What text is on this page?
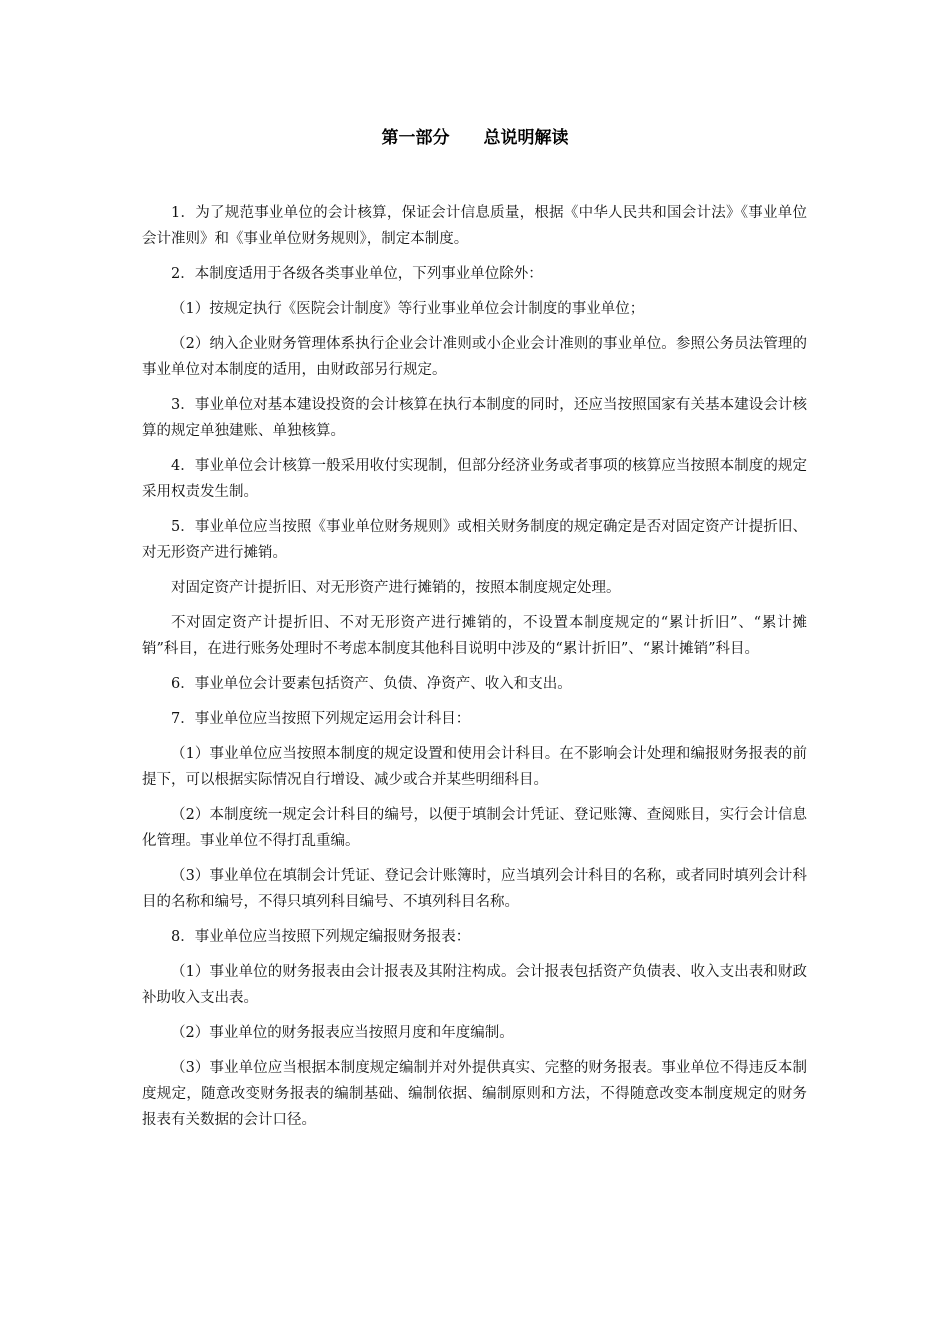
第一部分　　总说明解读

1．为了规范事业单位的会计核算，保证会计信息质量，根据《中华人民共和国会计法》《事业单位会计准则》和《事业单位财务规则》，制定本制度。

2．本制度适用于各级各类事业单位，下列事业单位除外：

（1）按规定执行《医院会计制度》等行业事业单位会计制度的事业单位；

（2）纳入企业财务管理体系执行企业会计准则或小企业会计准则的事业单位。参照公务员法管理的事业单位对本制度的适用，由财政部另行规定。

3．事业单位对基本建设投资的会计核算在执行本制度的同时，还应当按照国家有关基本建设会计核算的规定单独建账、单独核算。

4．事业单位会计核算一般采用收付实现制，但部分经济业务或者事项的核算应当按照本制度的规定采用权责发生制。

5．事业单位应当按照《事业单位财务规则》或相关财务制度的规定确定是否对固定资产计提折旧、对无形资产进行摊销。

对固定资产计提折旧、对无形资产进行摊销的，按照本制度规定处理。

不对固定资产计提折旧、不对无形资产进行摊销的，不设置本制度规定的“累计折旧”、“累计摊销”科目，在进行账务处理时不考虑本制度其他科目说明中涉及的“累计折旧”、“累计摊销”科目。

6．事业单位会计要素包括资产、负债、净资产、收入和支出。

7．事业单位应当按照下列规定运用会计科目：

（1）事业单位应当按照本制度的规定设置和使用会计科目。在不影响会计处理和编报财务报表的前提下，可以根据实际情况自行增设、减少或合并某些明细科目。

（2）本制度统一规定会计科目的编号，以便于填制会计凭证、登记账簿、查阅账目，实行会计信息化管理。事业单位不得打乱重编。

（3）事业单位在填制会计凭证、登记会计账簿时，应当填列会计科目的名称，或者同时填列会计科目的名称和编号，不得只填列科目编号、不填列科目名称。

8．事业单位应当按照下列规定编报财务报表：

（1）事业单位的财务报表由会计报表及其附注构成。会计报表包括资产负债表、收入支出表和财政补助收入支出表。

（2）事业单位的财务报表应当按照月度和年度编制。

（3）事业单位应当根据本制度规定编制并对外提供真实、完整的财务报表。事业单位不得违反本制度规定，随意改变财务报表的编制基础、编制依据、编制原则和方法，不得随意改变本制度规定的财务报表有关数据的会计口径。
